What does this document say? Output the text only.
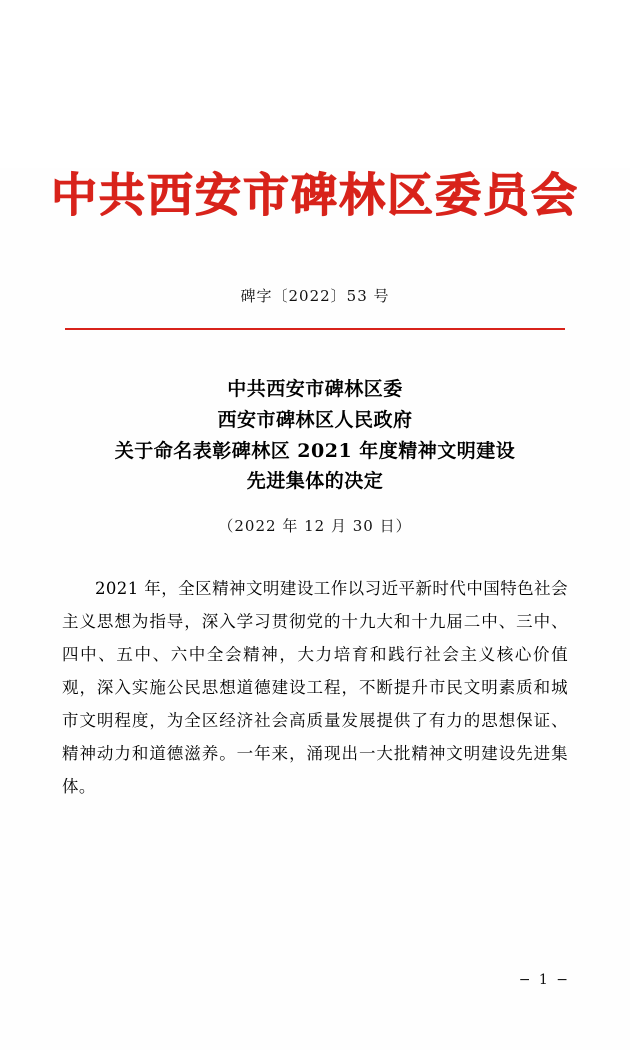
中共西安市碑林区委员会
碑字〔2022〕53 号
中共西安市碑林区委
西安市碑林区人民政府
关于命名表彰碑林区 2021 年度精神文明建设
先进集体的决定
（2022 年 12 月 30 日）

2021 年，全区精神文明建设工作以习近平新时代中国特色社会主义思想为指导，深入学习贯彻党的十九大和十九届二中、三中、四中、五中、六中全会精神，大力培育和践行社会主义核心价值观，深入实施公民思想道德建设工程，不断提升市民文明素质和城市文明程度，为全区经济社会高质量发展提供了有力的思想保证、精神动力和道德滋养。一年来，涌现出一大批精神文明建设先进集体。

− 1 −
